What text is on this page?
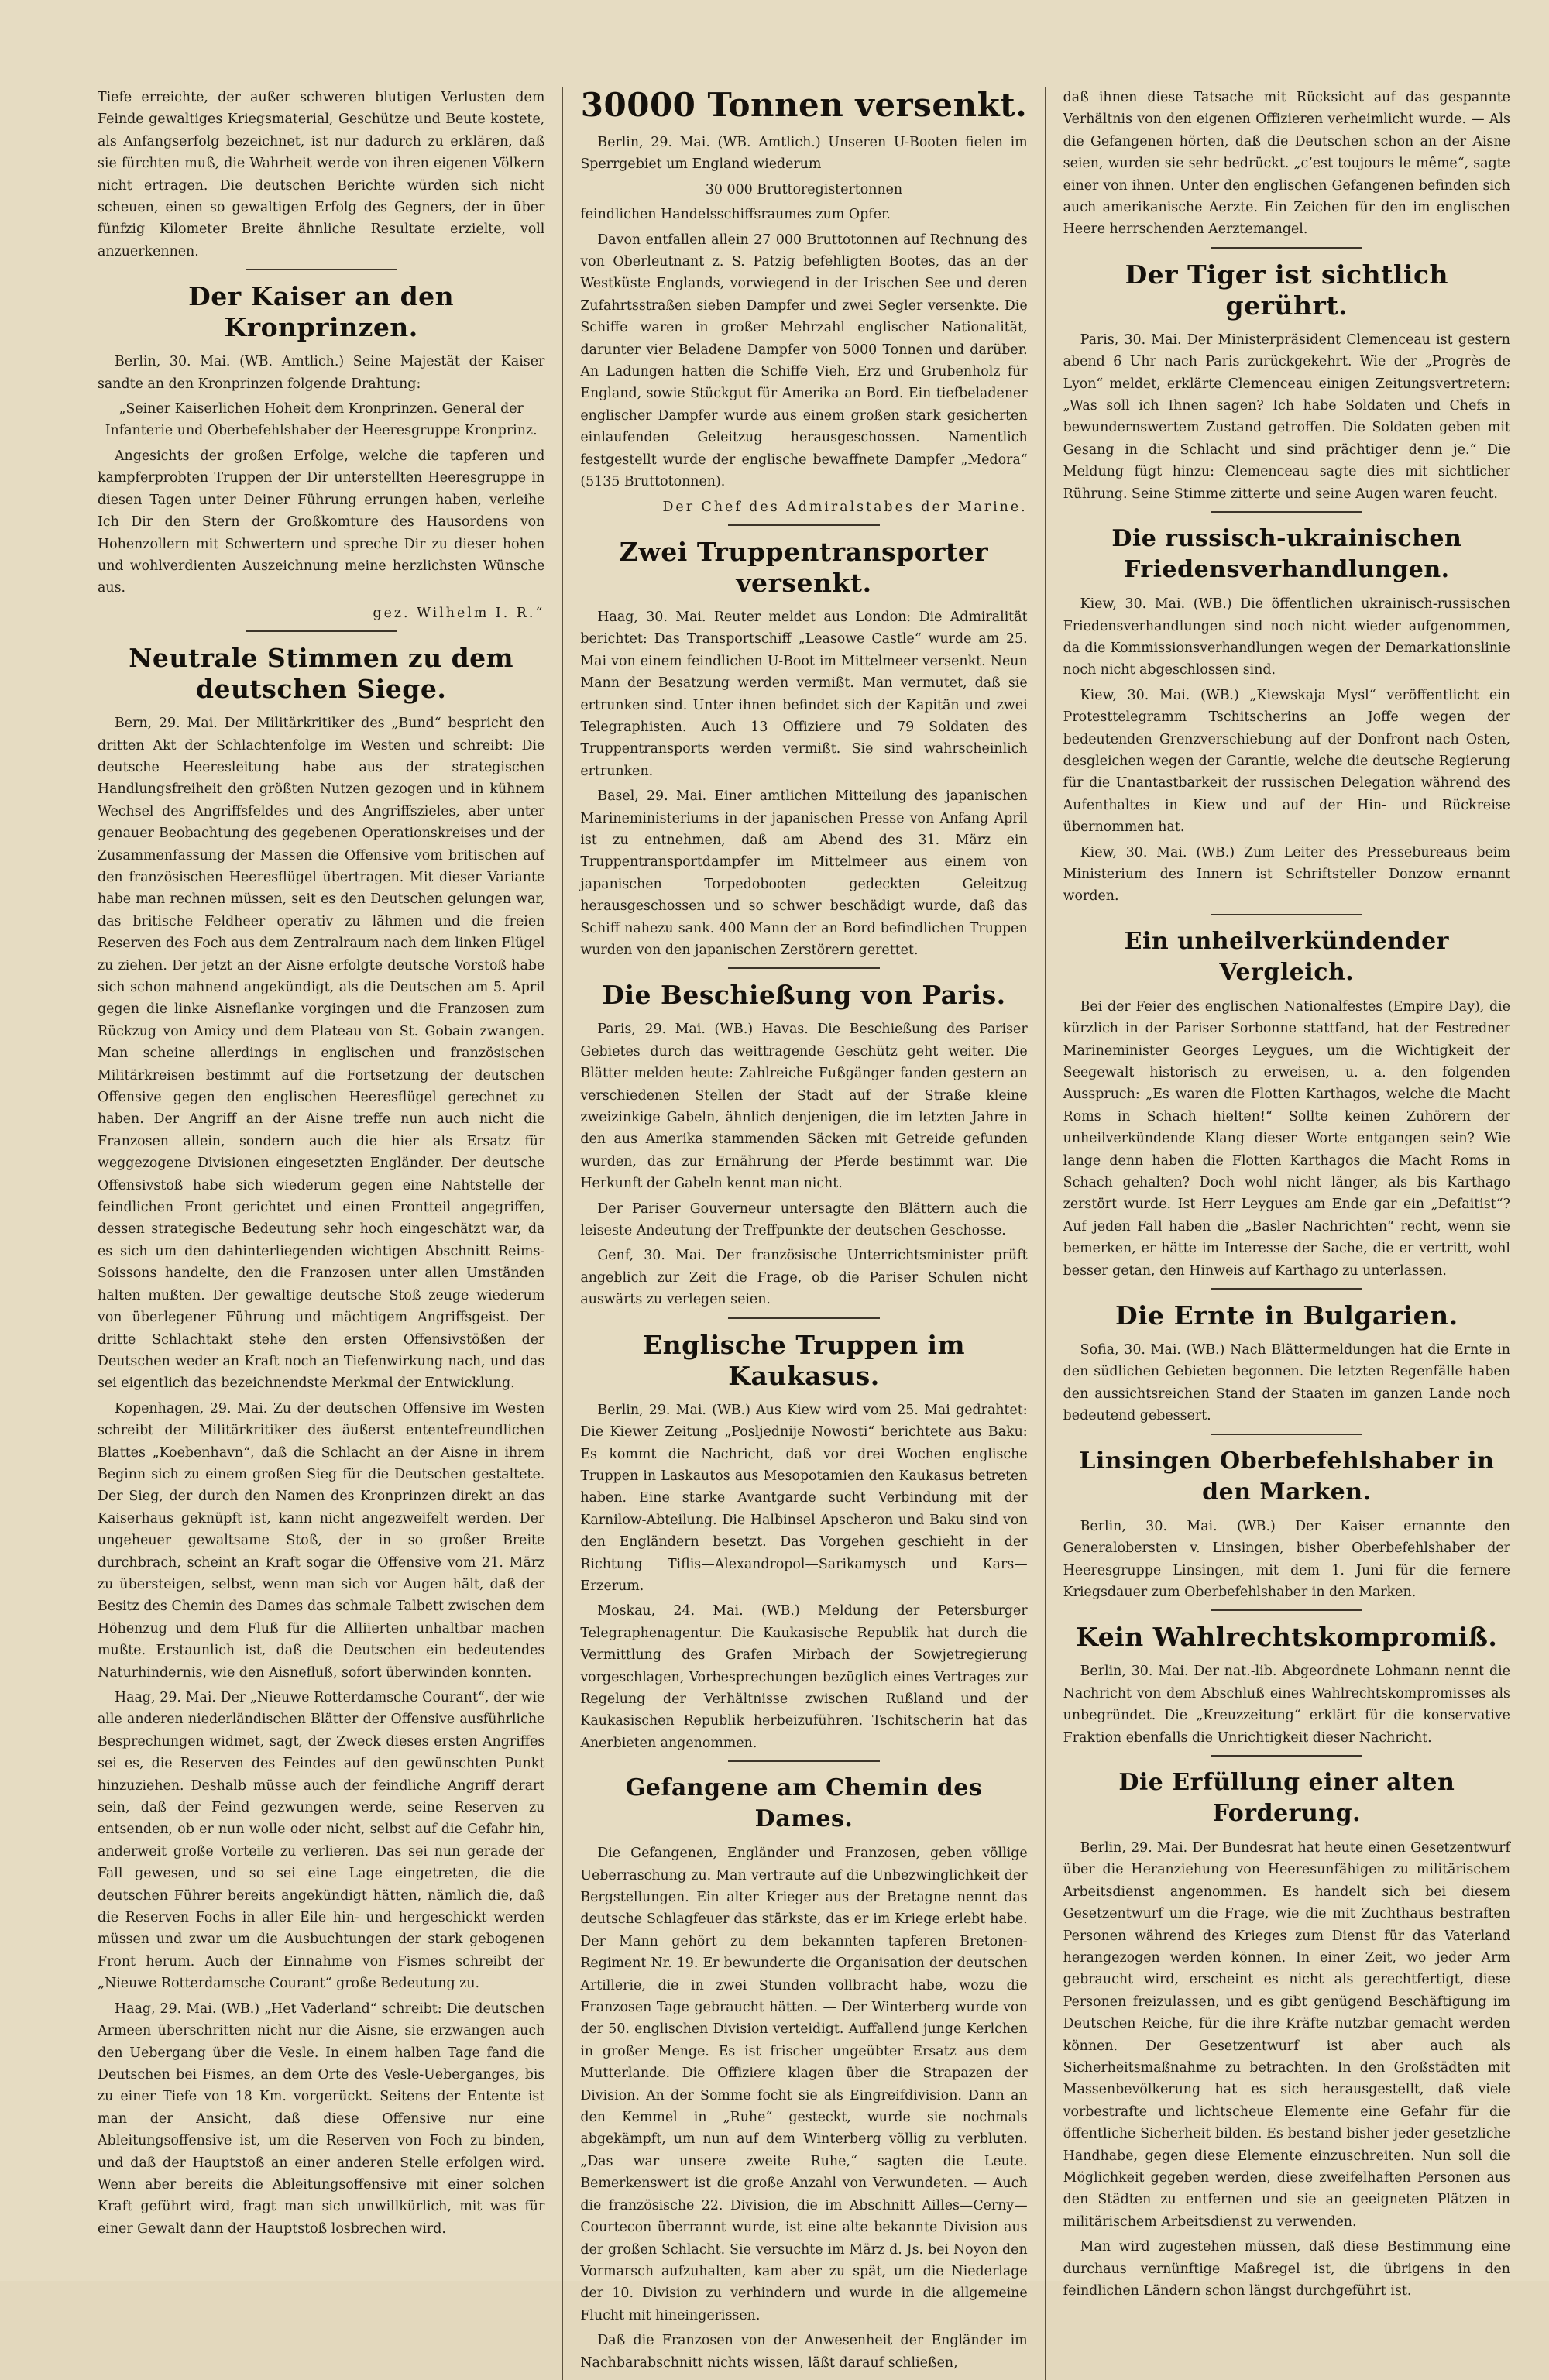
Tiefe erreichte, der außer schweren blutigen Verlusten dem Feinde gewaltiges Kriegsmaterial, Geschütze und Beute kostete, als Anfangserfolg bezeichnet, ist nur dadurch zu erklären, daß sie fürchten muß, die Wahrheit werde von ihren eigenen Völkern nicht ertragen. Die deutschen Berichte würden sich nicht scheuen, einen so gewaltigen Erfolg des Gegners, der in über fünfzig Kilometer Breite ähnliche Resultate erzielte, voll anzuerkennen.

Der Kaiser an den Kronprinzen.

Berlin, 30. Mai. (WB. Amtlich.) Seine Majestät der Kaiser sandte an den Kronprinzen folgende Drahtung:

„Seiner Kaiserlichen Hoheit dem Kronprinzen. General der Infanterie und Oberbefehlshaber der Heeresgruppe Kronprinz.

Angesichts der großen Erfolge, welche die tapferen und kampferprobten Truppen der Dir unterstellten Heeresgruppe in diesen Tagen unter Deiner Führung errungen haben, verleihe Ich Dir den Stern der Großkomture des Hausordens von Hohenzollern mit Schwertern und spreche Dir zu dieser hohen und wohlverdienten Auszeichnung meine herzlichsten Wünsche aus.

gez. Wilhelm I. R.“

Neutrale Stimmen zu dem deutschen Siege.

Bern, 29. Mai. Der Militärkritiker des „Bund“ bespricht den dritten Akt der Schlachtenfolge im Westen und schreibt: Die deutsche Heeresleitung habe aus der strategischen Handlungsfreiheit den größten Nutzen gezogen und in kühnem Wechsel des Angriffsfeldes und des Angriffszieles, aber unter genauer Beobachtung des gegebenen Operationskreises und der Zusammenfassung der Massen die Offensive vom britischen auf den französischen Heeresflügel übertragen. Mit dieser Variante habe man rechnen müssen, seit es den Deutschen gelungen war, das britische Feldheer operativ zu lähmen und die freien Reserven des Foch aus dem Zentralraum nach dem linken Flügel zu ziehen. Der jetzt an der Aisne erfolgte deutsche Vorstoß habe sich schon mahnend angekündigt, als die Deutschen am 5. April gegen die linke Aisneflanke vorgingen und die Franzosen zum Rückzug von Amicy und dem Plateau von St. Gobain zwangen. Man scheine allerdings in englischen und französischen Militärkreisen bestimmt auf die Fortsetzung der deutschen Offensive gegen den englischen Heeresflügel gerechnet zu haben. Der Angriff an der Aisne treffe nun auch nicht die Franzosen allein, sondern auch die hier als Ersatz für weggezogene Divisionen eingesetzten Engländer. Der deutsche Offensivstoß habe sich wiederum gegen eine Nahtstelle der feindlichen Front gerichtet und einen Frontteil angegriffen, dessen strategische Bedeutung sehr hoch eingeschätzt war, da es sich um den dahinterliegenden wichtigen Abschnitt Reims-Soissons handelte, den die Franzosen unter allen Umständen halten mußten. Der gewaltige deutsche Stoß zeuge wiederum von überlegener Führung und mächtigem Angriffsgeist. Der dritte Schlachtakt stehe den ersten Offensivstößen der Deutschen weder an Kraft noch an Tiefenwirkung nach, und das sei eigentlich das bezeichnendste Merkmal der Entwicklung.

Kopenhagen, 29. Mai. Zu der deutschen Offensive im Westen schreibt der Militärkritiker des äußerst ententefreundlichen Blattes „Koebenhavn“, daß die Schlacht an der Aisne in ihrem Beginn sich zu einem großen Sieg für die Deutschen gestaltete. Der Sieg, der durch den Namen des Kronprinzen direkt an das Kaiserhaus geknüpft ist, kann nicht angezweifelt werden. Der ungeheuer gewaltsame Stoß, der in so großer Breite durchbrach, scheint an Kraft sogar die Offensive vom 21. März zu übersteigen, selbst, wenn man sich vor Augen hält, daß der Besitz des Chemin des Dames das schmale Talbett zwischen dem Höhenzug und dem Fluß für die Alliierten unhaltbar machen mußte. Erstaunlich ist, daß die Deutschen ein bedeutendes Naturhindernis, wie den Aisnefluß, sofort überwinden konnten.

Haag, 29. Mai. Der „Nieuwe Rotterdamsche Courant“, der wie alle anderen niederländischen Blätter der Offensive ausführliche Besprechungen widmet, sagt, der Zweck dieses ersten Angriffes sei es, die Reserven des Feindes auf den gewünschten Punkt hinzuziehen. Deshalb müsse auch der feindliche Angriff derart sein, daß der Feind gezwungen werde, seine Reserven zu entsenden, ob er nun wolle oder nicht, selbst auf die Gefahr hin, anderweit große Vorteile zu verlieren. Das sei nun gerade der Fall gewesen, und so sei eine Lage eingetreten, die die deutschen Führer bereits angekündigt hätten, nämlich die, daß die Reserven Fochs in aller Eile hin- und hergeschickt werden müssen und zwar um die Ausbuchtungen der stark gebogenen Front herum. Auch der Einnahme von Fismes schreibt der „Nieuwe Rotterdamsche Courant“ große Bedeutung zu.

Haag, 29. Mai. (WB.) „Het Vaderland“ schreibt: Die deutschen Armeen überschritten nicht nur die Aisne, sie erzwangen auch den Uebergang über die Vesle. In einem halben Tage fand die Deutschen bei Fismes, an dem Orte des Vesle-Ueberganges, bis zu einer Tiefe von 18 Km. vorgerückt. Seitens der Entente ist man der Ansicht, daß diese Offensive nur eine Ableitungsoffensive ist, um die Reserven von Foch zu binden, und daß der Hauptstoß an einer anderen Stelle erfolgen wird. Wenn aber bereits die Ableitungsoffensive mit einer solchen Kraft geführt wird, fragt man sich unwillkürlich, mit was für einer Gewalt dann der Hauptstoß losbrechen wird.

30000 Tonnen versenkt.

Berlin, 29. Mai. (WB. Amtlich.) Unseren U-Booten fielen im Sperrgebiet um England wiederum

30 000 Bruttoregistertonnen

feindlichen Handelsschiffsraumes zum Opfer.

Davon entfallen allein 27 000 Bruttotonnen auf Rechnung des von Oberleutnant z. S. Patzig befehligten Bootes, das an der Westküste Englands, vorwiegend in der Irischen See und deren Zufahrtsstraßen sieben Dampfer und zwei Segler versenkte. Die Schiffe waren in großer Mehrzahl englischer Nationalität, darunter vier Beladene Dampfer von 5000 Tonnen und darüber. An Ladungen hatten die Schiffe Vieh, Erz und Grubenholz für England, sowie Stückgut für Amerika an Bord. Ein tiefbeladener englischer Dampfer wurde aus einem großen stark gesicherten einlaufenden Geleitzug herausgeschossen. Namentlich festgestellt wurde der englische bewaffnete Dampfer „Medora“ (5135 Bruttotonnen).

Der Chef des Admiralstabes der Marine.

Zwei Truppentransporter versenkt.

Haag, 30. Mai. Reuter meldet aus London: Die Admiralität berichtet: Das Transportschiff „Leasowe Castle“ wurde am 25. Mai von einem feindlichen U-Boot im Mittelmeer versenkt. Neun Mann der Besatzung werden vermißt. Man vermutet, daß sie ertrunken sind. Unter ihnen befindet sich der Kapitän und zwei Telegraphisten. Auch 13 Offiziere und 79 Soldaten des Truppentransports werden vermißt. Sie sind wahrscheinlich ertrunken.

Basel, 29. Mai. Einer amtlichen Mitteilung des japanischen Marineministeriums in der japanischen Presse von Anfang April ist zu entnehmen, daß am Abend des 31. März ein Truppentransportdampfer im Mittelmeer aus einem von japanischen Torpedobooten gedeckten Geleitzug herausgeschossen und so schwer beschädigt wurde, daß das Schiff nahezu sank. 400 Mann der an Bord befindlichen Truppen wurden von den japanischen Zerstörern gerettet.

Die Beschießung von Paris.

Paris, 29. Mai. (WB.) Havas. Die Beschießung des Pariser Gebietes durch das weittragende Geschütz geht weiter. Die Blätter melden heute: Zahlreiche Fußgänger fanden gestern an verschiedenen Stellen der Stadt auf der Straße kleine zweizinkige Gabeln, ähnlich denjenigen, die im letzten Jahre in den aus Amerika stammenden Säcken mit Getreide gefunden wurden, das zur Ernährung der Pferde bestimmt war. Die Herkunft der Gabeln kennt man nicht.

Der Pariser Gouverneur untersagte den Blättern auch die leiseste Andeutung der Treffpunkte der deutschen Geschosse.

Genf, 30. Mai. Der französische Unterrichtsminister prüft angeblich zur Zeit die Frage, ob die Pariser Schulen nicht auswärts zu verlegen seien.

Englische Truppen im Kaukasus.

Berlin, 29. Mai. (WB.) Aus Kiew wird vom 25. Mai gedrahtet: Die Kiewer Zeitung „Posljednije Nowosti“ berichtete aus Baku: Es kommt die Nachricht, daß vor drei Wochen englische Truppen in Laskautos aus Mesopotamien den Kaukasus betreten haben. Eine starke Avantgarde sucht Verbindung mit der Karnilow-Abteilung. Die Halbinsel Apscheron und Baku sind von den Engländern besetzt. Das Vorgehen geschieht in der Richtung Tiflis—Alexandropol—Sarikamysch und Kars—Erzerum.

Moskau, 24. Mai. (WB.) Meldung der Petersburger Telegraphenagentur. Die Kaukasische Republik hat durch die Vermittlung des Grafen Mirbach der Sowjetregierung vorgeschlagen, Vorbesprechungen bezüglich eines Vertrages zur Regelung der Verhältnisse zwischen Rußland und der Kaukasischen Republik herbeizuführen. Tschitscherin hat das Anerbieten angenommen.

Gefangene am Chemin des Dames.

Die Gefangenen, Engländer und Franzosen, geben völlige Ueberraschung zu. Man vertraute auf die Unbezwinglichkeit der Bergstellungen. Ein alter Krieger aus der Bretagne nennt das deutsche Schlagfeuer das stärkste, das er im Kriege erlebt habe. Der Mann gehört zu dem bekannten tapferen Bretonen-Regiment Nr. 19. Er bewunderte die Organisation der deutschen Artillerie, die in zwei Stunden vollbracht habe, wozu die Franzosen Tage gebraucht hätten. — Der Winterberg wurde von der 50. englischen Division verteidigt. Auffallend junge Kerlchen in großer Menge. Es ist frischer ungeübter Ersatz aus dem Mutterlande. Die Offiziere klagen über die Strapazen der Division. An der Somme focht sie als Eingreifdivision. Dann an den Kemmel in „Ruhe“ gesteckt, wurde sie nochmals abgekämpft, um nun auf dem Winterberg völlig zu verbluten. „Das war unsere zweite Ruhe,“ sagten die Leute. Bemerkenswert ist die große Anzahl von Verwundeten. — Auch die französische 22. Division, die im Abschnitt Ailles—Cerny—Courtecon überrannt wurde, ist eine alte bekannte Division aus der großen Schlacht. Sie versuchte im März d. Js. bei Noyon den Vormarsch aufzuhalten, kam aber zu spät, um die Niederlage der 10. Division zu verhindern und wurde in die allgemeine Flucht mit hineingerissen.

Daß die Franzosen von der Anwesenheit der Engländer im Nachbarabschnitt nichts wissen, läßt darauf schließen,

daß ihnen diese Tatsache mit Rücksicht auf das gespannte Verhältnis von den eigenen Offizieren verheimlicht wurde. — Als die Gefangenen hörten, daß die Deutschen schon an der Aisne seien, wurden sie sehr bedrückt. „c’est toujours le même“, sagte einer von ihnen. Unter den englischen Gefangenen befinden sich auch amerikanische Aerzte. Ein Zeichen für den im englischen Heere herrschenden Aerztemangel.

Der Tiger ist sichtlich gerührt.

Paris, 30. Mai. Der Ministerpräsident Clemenceau ist gestern abend 6 Uhr nach Paris zurückgekehrt. Wie der „Progrès de Lyon“ meldet, erklärte Clemenceau einigen Zeitungsvertretern: „Was soll ich Ihnen sagen? Ich habe Soldaten und Chefs in bewundernswertem Zustand getroffen. Die Soldaten geben mit Gesang in die Schlacht und sind prächtiger denn je.“ Die Meldung fügt hinzu: Clemenceau sagte dies mit sichtlicher Rührung. Seine Stimme zitterte und seine Augen waren feucht.

Die russisch-ukrainischen Friedensverhandlungen.

Kiew, 30. Mai. (WB.) Die öffentlichen ukrainisch-russischen Friedensverhandlungen sind noch nicht wieder aufgenommen, da die Kommissionsverhandlungen wegen der Demarkationslinie noch nicht abgeschlossen sind.

Kiew, 30. Mai. (WB.) „Kiewskaja Mysl“ veröffentlicht ein Protesttelegramm Tschitscherins an Joffe wegen der bedeutenden Grenzverschiebung auf der Donfront nach Osten, desgleichen wegen der Garantie, welche die deutsche Regierung für die Unantastbarkeit der russischen Delegation während des Aufenthaltes in Kiew und auf der Hin- und Rückreise übernommen hat.

Kiew, 30. Mai. (WB.) Zum Leiter des Pressebureaus beim Ministerium des Innern ist Schriftsteller Donzow ernannt worden.

Ein unheilverkündender Vergleich.

Bei der Feier des englischen Nationalfestes (Empire Day), die kürzlich in der Pariser Sorbonne stattfand, hat der Festredner Marineminister Georges Leygues, um die Wichtigkeit der Seegewalt historisch zu erweisen, u. a. den folgenden Ausspruch: „Es waren die Flotten Karthagos, welche die Macht Roms in Schach hielten!“ Sollte keinen Zuhörern der unheilverkündende Klang dieser Worte entgangen sein? Wie lange denn haben die Flotten Karthagos die Macht Roms in Schach gehalten? Doch wohl nicht länger, als bis Karthago zerstört wurde. Ist Herr Leygues am Ende gar ein „Defaitist“? Auf jeden Fall haben die „Basler Nachrichten“ recht, wenn sie bemerken, er hätte im Interesse der Sache, die er vertritt, wohl besser getan, den Hinweis auf Karthago zu unterlassen.

Die Ernte in Bulgarien.

Sofia, 30. Mai. (WB.) Nach Blättermeldungen hat die Ernte in den südlichen Gebieten begonnen. Die letzten Regenfälle haben den aussichtsreichen Stand der Staaten im ganzen Lande noch bedeutend gebessert.

Linsingen Oberbefehlshaber in den Marken.

Berlin, 30. Mai. (WB.) Der Kaiser ernannte den Generalobersten v. Linsingen, bisher Oberbefehlshaber der Heeresgruppe Linsingen, mit dem 1. Juni für die fernere Kriegsdauer zum Oberbefehlshaber in den Marken.

Kein Wahlrechtskompromiß.

Berlin, 30. Mai. Der nat.-lib. Abgeordnete Lohmann nennt die Nachricht von dem Abschluß eines Wahlrechtskompromisses als unbegründet. Die „Kreuzzeitung“ erklärt für die konservative Fraktion ebenfalls die Unrichtigkeit dieser Nachricht.

Die Erfüllung einer alten Forderung.

Berlin, 29. Mai. Der Bundesrat hat heute einen Gesetzentwurf über die Heranziehung von Heeresunfähigen zu militärischem Arbeitsdienst angenommen. Es handelt sich bei diesem Gesetzentwurf um die Frage, wie die mit Zuchthaus bestraften Personen während des Krieges zum Dienst für das Vaterland herangezogen werden können. In einer Zeit, wo jeder Arm gebraucht wird, erscheint es nicht als gerechtfertigt, diese Personen freizulassen, und es gibt genügend Beschäftigung im Deutschen Reiche, für die ihre Kräfte nutzbar gemacht werden können. Der Gesetzentwurf ist aber auch als Sicherheitsmaßnahme zu betrachten. In den Großstädten mit Massenbevölkerung hat es sich herausgestellt, daß viele vorbestrafte und lichtscheue Elemente eine Gefahr für die öffentliche Sicherheit bilden. Es bestand bisher jeder gesetzliche Handhabe, gegen diese Elemente einzuschreiten. Nun soll die Möglichkeit gegeben werden, diese zweifelhaften Personen aus den Städten zu entfernen und sie an geeigneten Plätzen in militärischem Arbeitsdienst zu verwenden.

Man wird zugestehen müssen, daß diese Bestimmung eine durchaus vernünftige Maßregel ist, die übrigens in den feindlichen Ländern schon längst durchgeführt ist.
